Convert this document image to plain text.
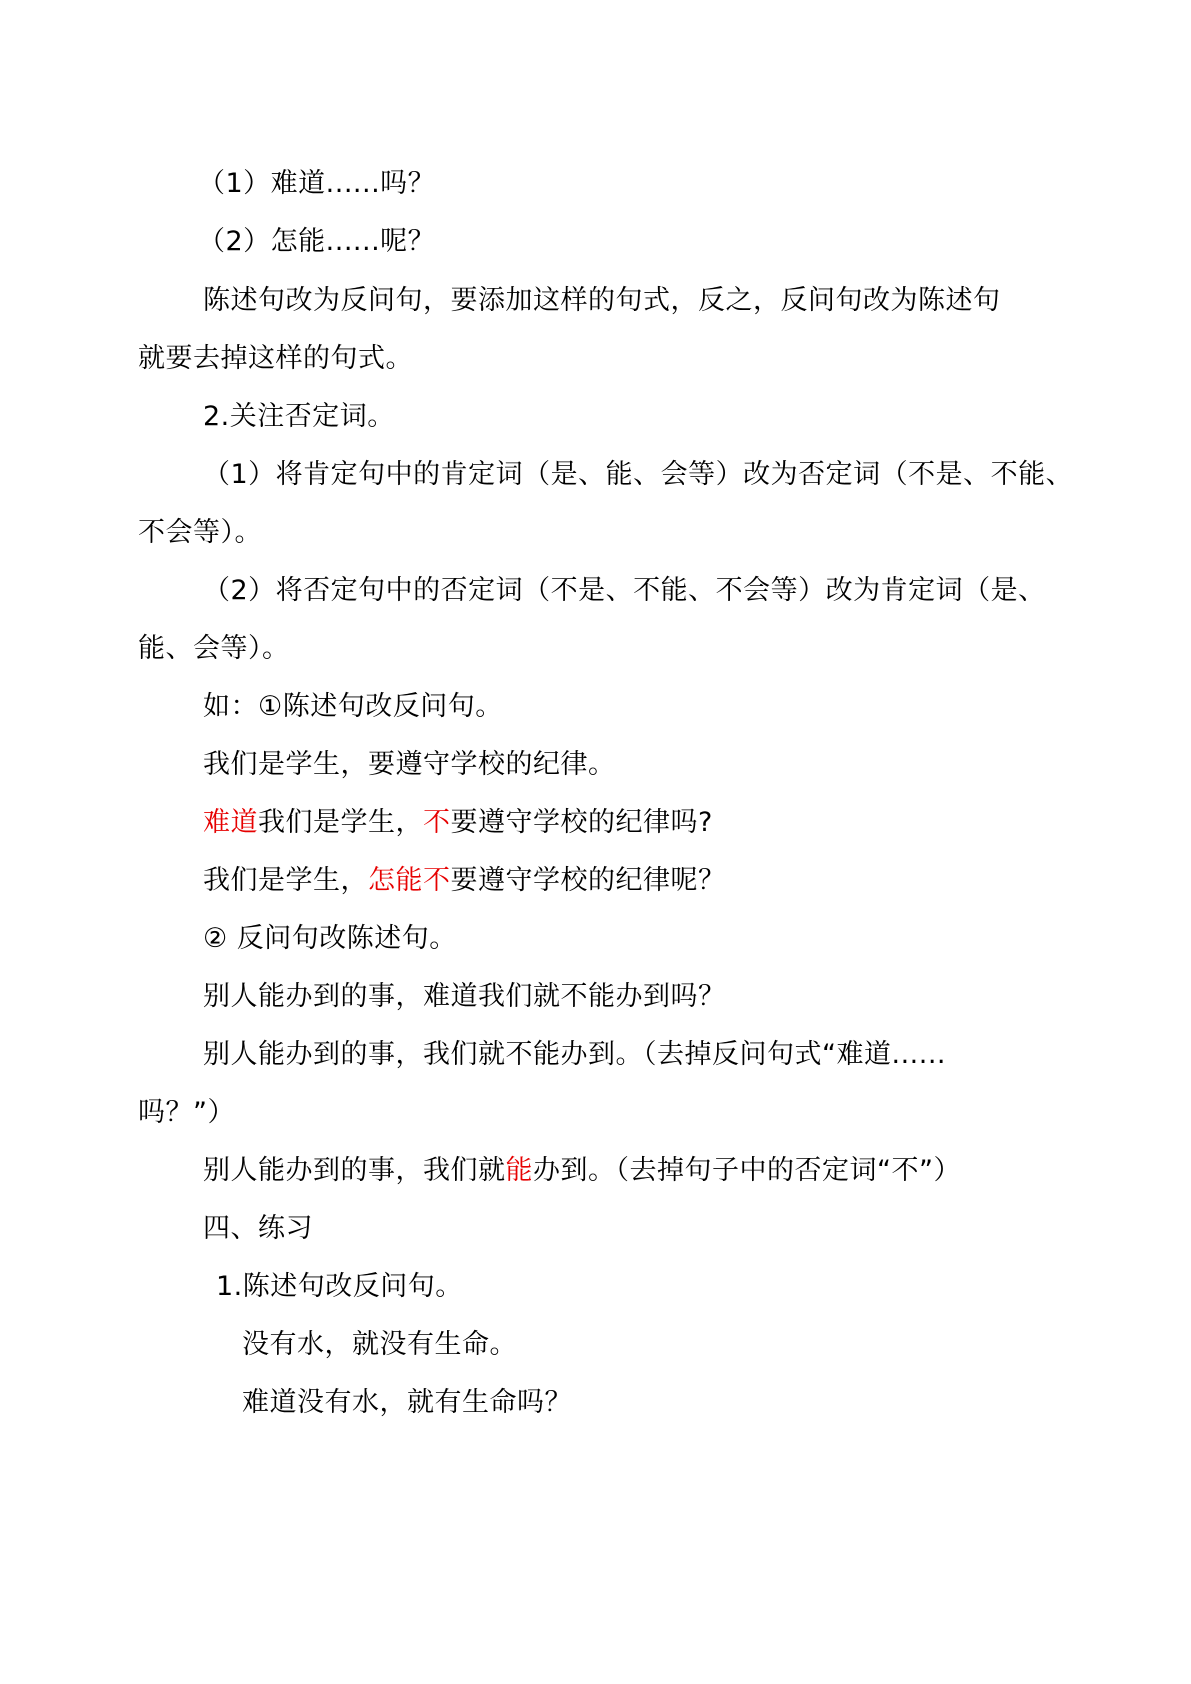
（1）难道......吗？
（2）怎能......呢？
陈述句改为反问句，要添加这样的句式，反之，反问句改为陈述句
就要去掉这样的句式。
2.关注否定词。
（1）将肯定句中的肯定词（是、能、会等）改为否定词（不是、不能、
不会等）。
（2）将否定句中的否定词（不是、不能、不会等）改为肯定词（是、
能、会等）。
如：①陈述句改反问句。
我们是学生，要遵守学校的纪律。
难道我们是学生，不要遵守学校的纪律吗?
我们是学生，怎能不要遵守学校的纪律呢？
② 反问句改陈述句。
别人能办到的事，难道我们就不能办到吗？
别人能办到的事，我们就不能办到。（去掉反问句式“难道......
吗？”）
别人能办到的事，我们就能办到。（去掉句子中的否定词“不”）
四、练习
1.陈述句改反问句。
没有水，就没有生命。
难道没有水，就有生命吗？
